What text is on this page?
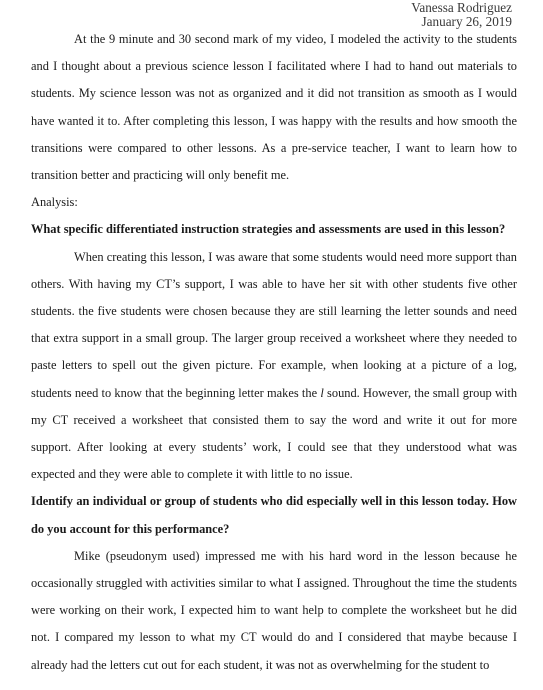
Vanessa Rodriguez
January 26, 2019

At the 9 minute and 30 second mark of my video, I modeled the activity to the students and I thought about a previous science lesson I facilitated where I had to hand out materials to students. My science lesson was not as organized and it did not transition as smooth as I would have wanted it to. After completing this lesson, I was happy with the results and how smooth the transitions were compared to other lessons. As a pre-service teacher, I want to learn how to transition better and practicing will only benefit me.

Analysis:

What specific differentiated instruction strategies and assessments are used in this lesson?

When creating this lesson, I was aware that some students would need more support than others. With having my CT’s support, I was able to have her sit with other students five other students. the five students were chosen because they are still learning the letter sounds and need that extra support in a small group. The larger group received a worksheet where they needed to paste letters to spell out the given picture. For example, when looking at a picture of a log, students need to know that the beginning letter makes the l sound. However, the small group with my CT received a worksheet that consisted them to say the word and write it out for more support. After looking at every students’ work, I could see that they understood what was expected and they were able to complete it with little to no issue.

Identify an individual or group of students who did especially well in this lesson today. How do you account for this performance?

Mike (pseudonym used) impressed me with his hard word in the lesson because he occasionally struggled with activities similar to what I assigned. Throughout the time the students were working on their work, I expected him to want help to complete the worksheet but he did not. I compared my lesson to what my CT would do and I considered that maybe because I already had the letters cut out for each student, it was not as overwhelming for the student to
